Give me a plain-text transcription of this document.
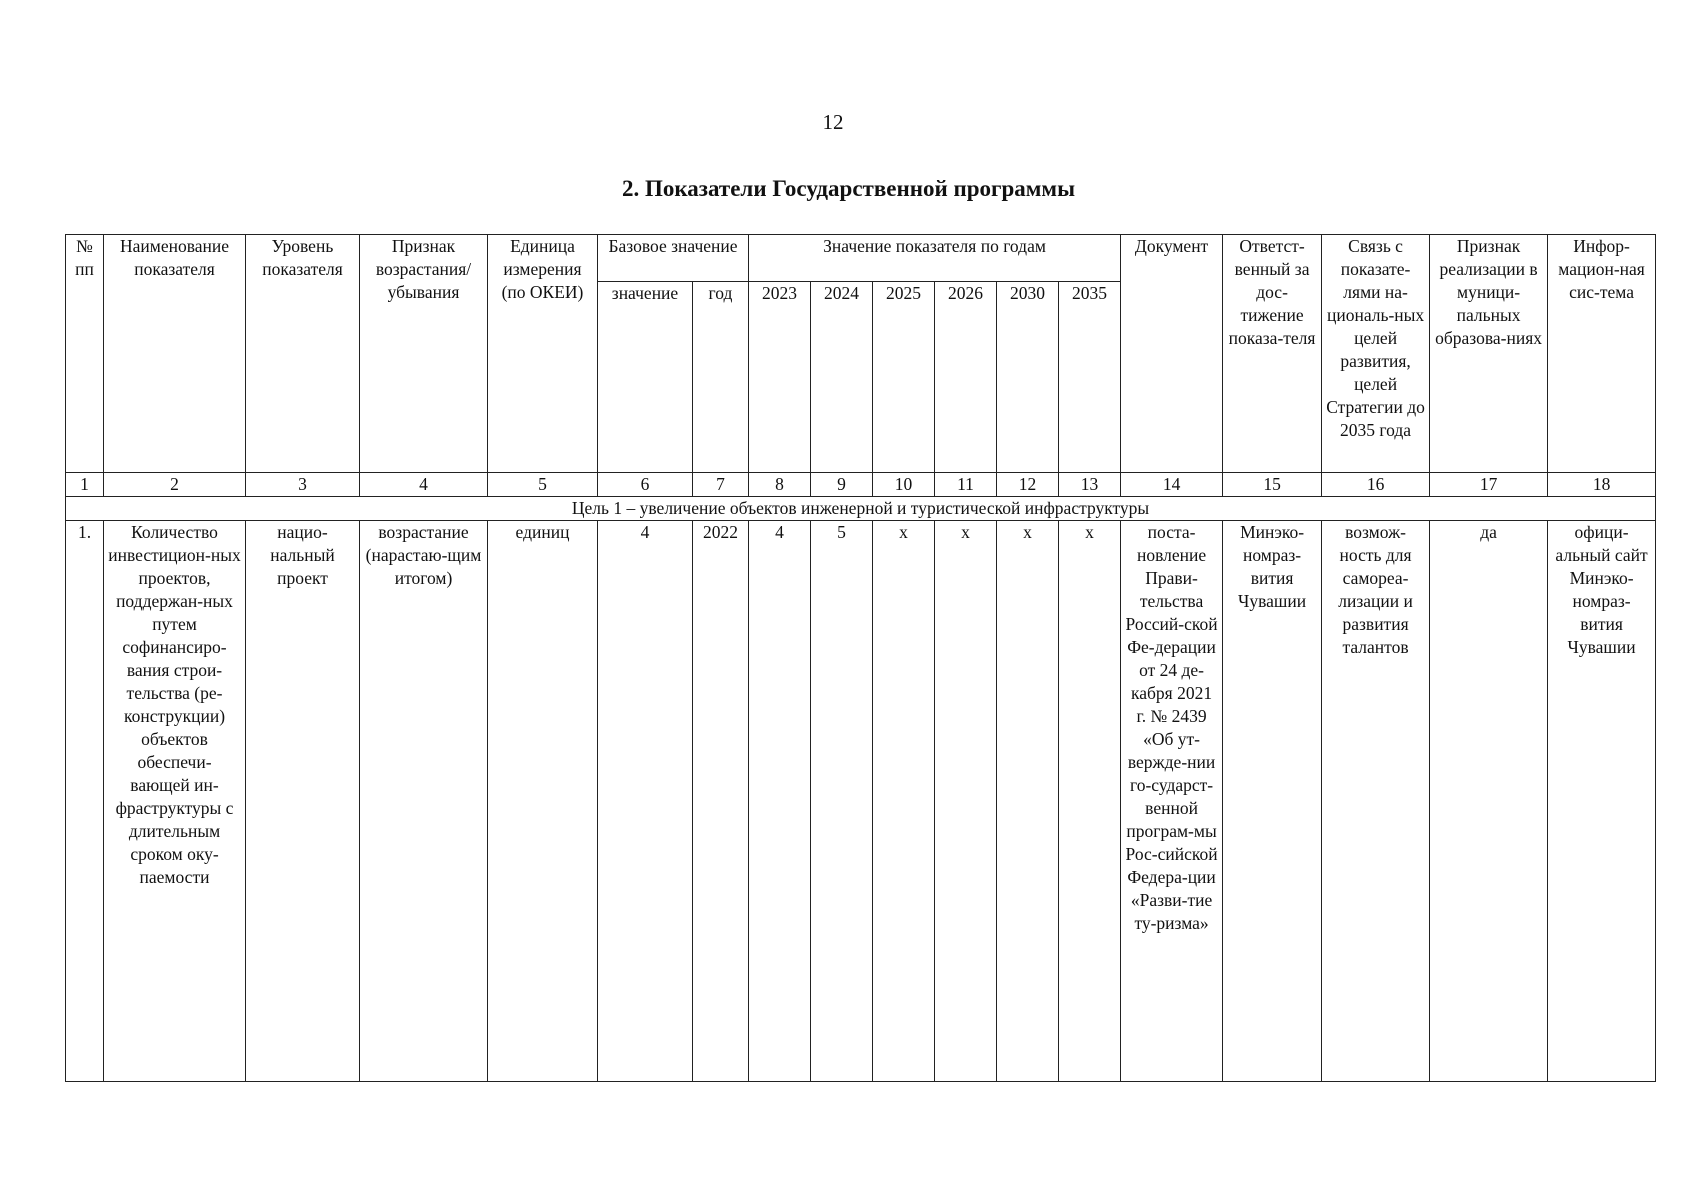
12
2. Показатели Государственной программы
№ пп	Наименование показателя	Уровень показателя	Признак возрастания/ убывания	Единица измерения (по ОКЕИ)	Базовое значение		Значение показателя по годам						Документ	Ответст-венный за дос-тижение показа-теля	Связь с показате-лями на-циональ-ных целей развития, целей Стратегии до 2035 года	Признак реализации в муници-пальных образова-ниях	Инфор-мацион-ная сис-тема
					значение	год	2023	2024	2025	2026	2030	2035					
1	2	3	4	5	6	7	8	9	10	11	12	13	14	15	16	17	18
Цель 1 – увеличение объектов инженерной и туристической инфраструктуры																	
1.	Количество инвестицион-ных проектов, поддержан-ных путем софинансиро-вания строи-тельства (ре-конструкции) объектов обеспечи-вающей ин-фраструктуры с длительным сроком оку-паемости	нацио-нальный проект	возрастание (нарастаю-щим итогом)	единиц	4	2022	4	5	х	х	х	х	поста-новление Прави-тельства Россий-ской Фе-дерации от 24 де-кабря 2021 г. № 2439 «Об ут-вержде-нии го-сударст-венной програм-мы Рос-сийской Федера-ции «Разви-тие ту-ризма»	Минэко-номраз-вития Чувашии	возмож-ность для самореа-лизации и развития талантов	да	офици-альный сайт Минэко-номраз-вития Чувашии
